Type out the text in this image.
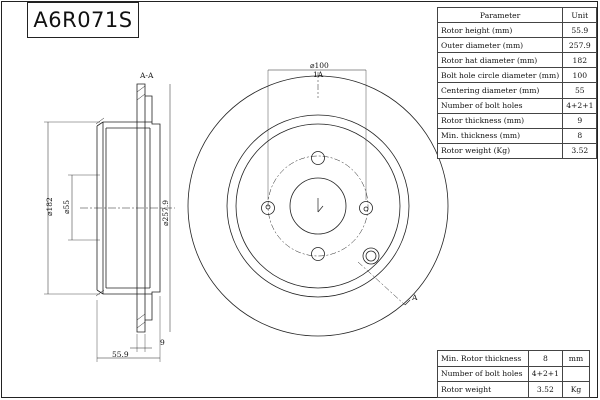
A-A
⌀182 ⌀55	⌀257.9
55.9
9
⌀100
1A
A
A6R071S	Parameter	Unit
Rotor height (mm)	55.9
Outer diameter (mm)	257.9
Rotor hat diameter (mm)	182
Bolt hole circle diameter (mm)	100
Centering diameter (mm)	55
Number of bolt holes	4+2+1
Rotor thickness (mm)	9
Min. thickness (mm)	8
Rotor weight (Kg)	3.52
Min. Rotor thickness	8	mm
Number of bolt holes	4+2+1	
Rotor weight	3.52	Kg
